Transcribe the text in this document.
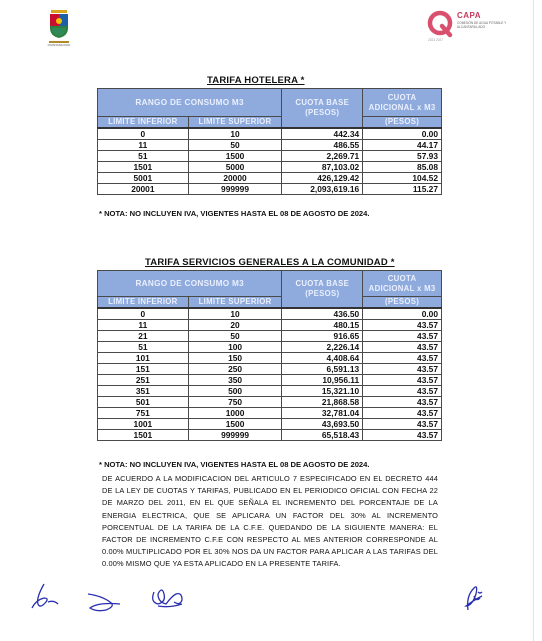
QUINTANA ROO
CAPA
COMISIÓN DE AGUA POTABLE Y ALCANTARILLADO
2023 2027
TARIFA HOTELERA *
RANGO DE CONSUMO M3		CUOTA BASE (PESOS)	CUOTA ADICIONAL x M3
LIMITE INFERIOR	LIMITE SUPERIOR		(PESOS)
0	10	442.34	0.00
11	50	486.55	44.17
51	1500	2,269.71	57.93
1501	5000	87,103.02	85.08
5001	20000	426,129.42	104.52
20001	999999	2,093,619.16	115.27
* NOTA: NO INCLUYEN IVA, VIGENTES HASTA EL 08 DE AGOSTO DE 2024.
TARIFA SERVICIOS GENERALES A LA COMUNIDAD *
RANGO DE CONSUMO M3		CUOTA BASE (PESOS)	CUOTA ADICIONAL x M3
LIMITE INFERIOR	LIMITE SUPERIOR		(PESOS)
0	10	436.50	0.00
11	20	480.15	43.57
21	50	916.65	43.57
51	100	2,226.14	43.57
101	150	4,408.64	43.57
151	250	6,591.13	43.57
251	350	10,956.11	43.57
351	500	15,321.10	43.57
501	750	21,868.58	43.57
751	1000	32,781.04	43.57
1001	1500	43,693.50	43.57
1501	999999	65,518.43	43.57
* NOTA: NO INCLUYEN IVA, VIGENTES HASTA EL 08 DE AGOSTO DE 2024.
DE ACUERDO A LA MODIFICACION DEL ARTICULO 7 ESPECIFICADO EN EL DECRETO 444 DE LA LEY DE CUOTAS Y TARIFAS, PUBLICADO EN EL PERIODICO OFICIAL CON FECHA 22 DE MARZO DEL 2011, EN EL QUE SEÑALA EL INCREMENTO DEL PORCENTAJE DE LA ENERGIA ELECTRICA, QUE SE APLICARA UN FACTOR DEL 30% AL INCREMENTO PORCENTUAL DE LA TARIFA DE LA C.F.E. QUEDANDO DE LA SIGUIENTE MANERA: EL FACTOR DE INCREMENTO C.F.E CON RESPECTO AL MES ANTERIOR CORRESPONDE AL 0.00% MULTIPLICADO POR EL 30% NOS DA UN FACTOR PARA APLICAR A LAS TARIFAS DEL 0.00% MISMO QUE YA ESTA APLICADO EN LA PRESENTE TARIFA.
